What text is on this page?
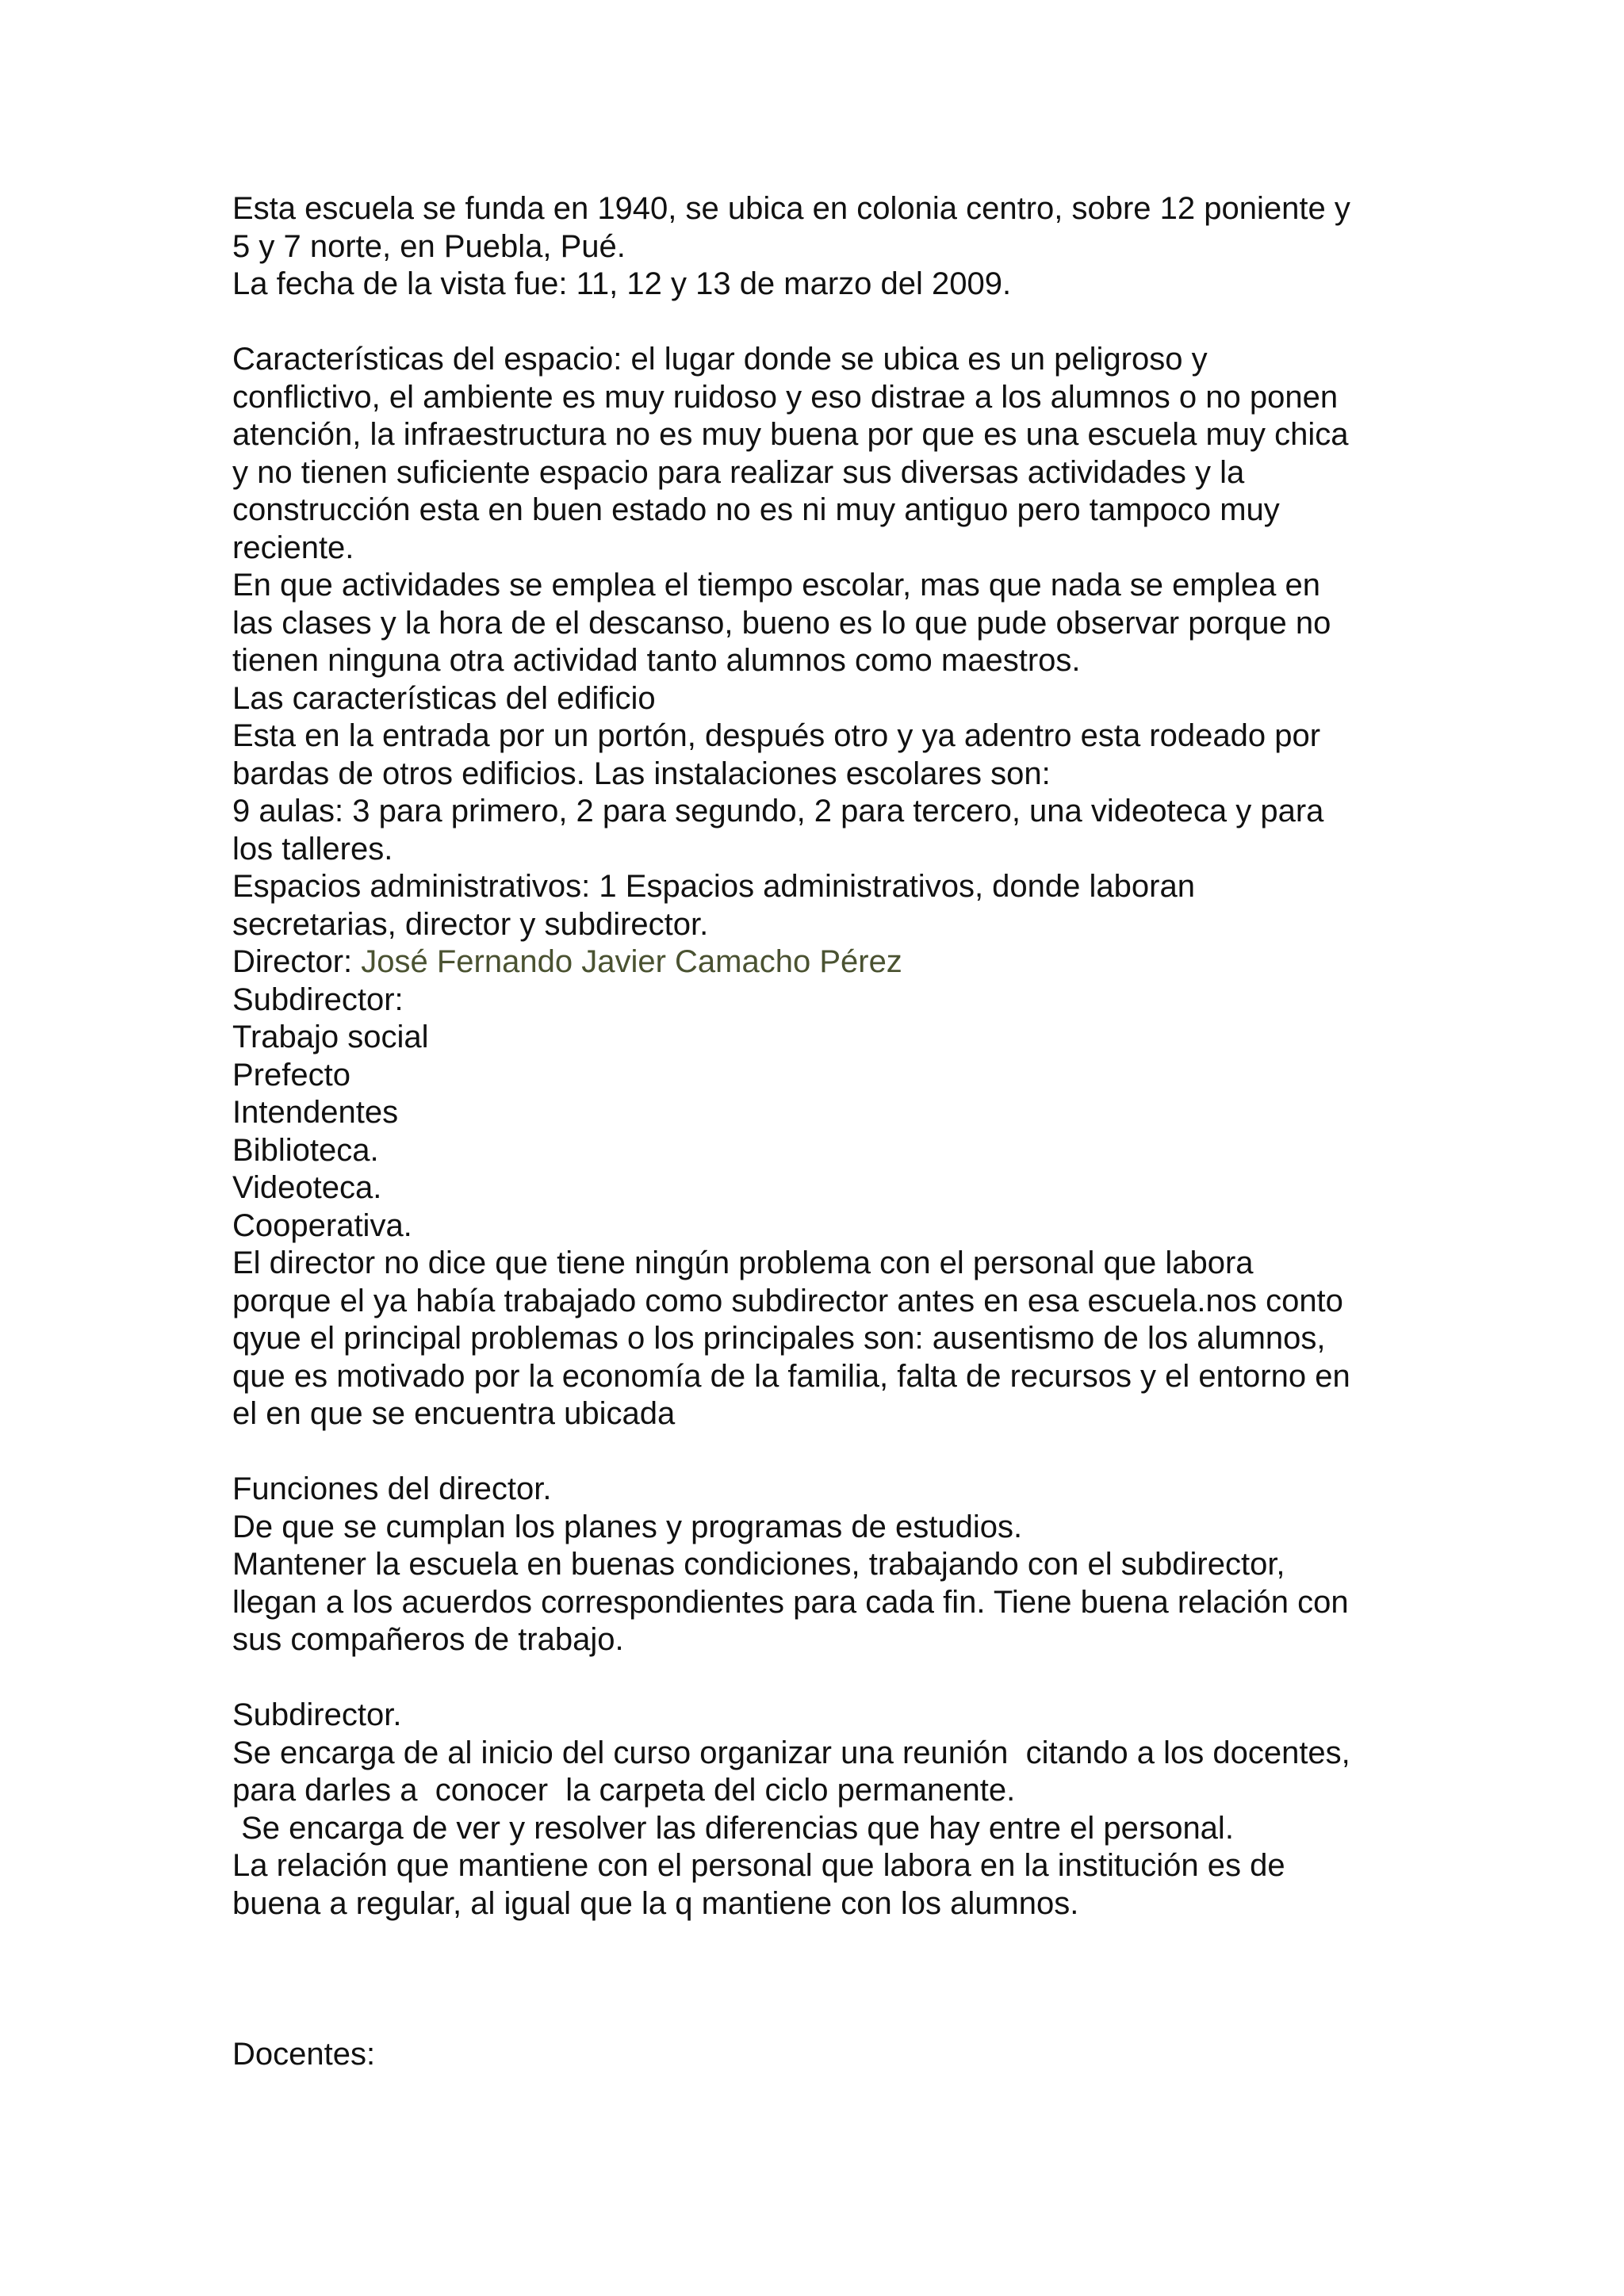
Esta escuela se funda en 1940, se ubica en colonia centro, sobre 12 poniente y
5 y 7 norte, en Puebla, Pué.
La fecha de la vista fue: 11, 12 y 13 de marzo del 2009.
Características del espacio: el lugar donde se ubica es un peligroso y
conflictivo, el ambiente es muy ruidoso y eso distrae a los alumnos o no ponen
atención, la infraestructura no es muy buena por que es una escuela muy chica
y no tienen suficiente espacio para realizar sus diversas actividades y la
construcción esta en buen estado no es ni muy antiguo pero tampoco muy
reciente.
En que actividades se emplea el tiempo escolar, mas que nada se emplea en
las clases y la hora de el descanso, bueno es lo que pude observar porque no
tienen ninguna otra actividad tanto alumnos como maestros.
Las características del edificio
Esta en la entrada por un portón, después otro y ya adentro esta rodeado por
bardas de otros edificios. Las instalaciones escolares son:
9 aulas: 3 para primero, 2 para segundo, 2 para tercero, una videoteca y para
los talleres.
Espacios administrativos: 1 Espacios administrativos, donde laboran
secretarias, director y subdirector.
Director: José Fernando Javier Camacho Pérez
Subdirector:
Trabajo social
Prefecto
Intendentes
Biblioteca.
Videoteca.
Cooperativa.
El director no dice que tiene ningún problema con el personal que labora
porque el ya había trabajado como subdirector antes en esa escuela.nos conto
qyue el principal problemas o los principales son: ausentismo de los alumnos,
que es motivado por la economía de la familia, falta de recursos y el entorno en
el en que se encuentra ubicada
Funciones del director.
De que se cumplan los planes y programas de estudios.
Mantener la escuela en buenas condiciones, trabajando con el subdirector,
llegan a los acuerdos correspondientes para cada fin. Tiene buena relación con
sus compañeros de trabajo.
Subdirector.
Se encarga de al inicio del curso organizar una reunión  citando a los docentes,
para darles a  conocer  la carpeta del ciclo permanente.
Se encarga de ver y resolver las diferencias que hay entre el personal.
La relación que mantiene con el personal que labora en la institución es de
buena a regular, al igual que la q mantiene con los alumnos.
Docentes:
